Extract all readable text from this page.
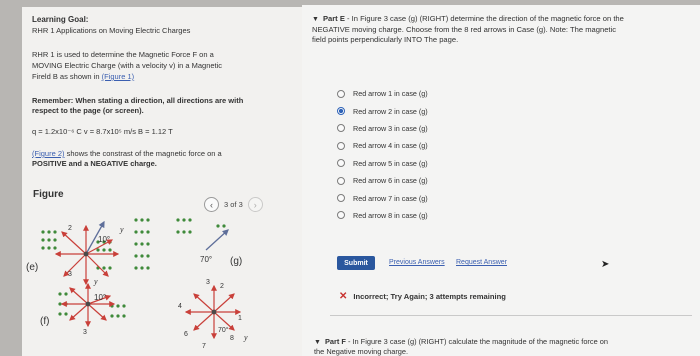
Learning Goal:
RHR 1 Applications on Moving Electric Charges
RHR 1 is used to determine the Magnetic Force F on a
MOVING Electric Charge (with a velocity v) in a Magnetic
Fireld B as shown in (Figure 1)
Remember: When stating a direction, all directions are with
respect to the page (or screen).
q = 1.2x10⁻⁶ C v = 8.7x10⁵ m/s B = 1.12 T
(Figure 2) shows the constrast of the magnetic force on a
POSITIVE and a NEGATIVE charge.
Figure
‹	3 of 3	›
(e)
10°
y
2
3
(f)
10°
y
3
70° (g)
3
2
4
1
6
7
70°
8 y
▼ Part E - In Figure 3 case (g) (RIGHT) determine the direction of the magnetic force on the
NEGATIVE moving charge. Choose from the 8 red arrows in Case (g). Note: The magnetic
field points perpendicularly INTO The page.
Red arrow 1 in case (g)
Red arrow 2 in case (g)
Red arrow 3 in case (g)
Red arrow 4 in case (g)
Red arrow 5 in case (g)
Red arrow 6 in case (g)
Red arrow 7 in case (g)
Red arrow 8 in case (g)
Submit	Previous Answers Request Answer	➤
✕ Incorrect; Try Again; 3 attempts remaining
▼ Part F - In Figure 3 case (g) (RIGHT) calculate the magnitude of the magnetic force on
the Negative moving charge.
